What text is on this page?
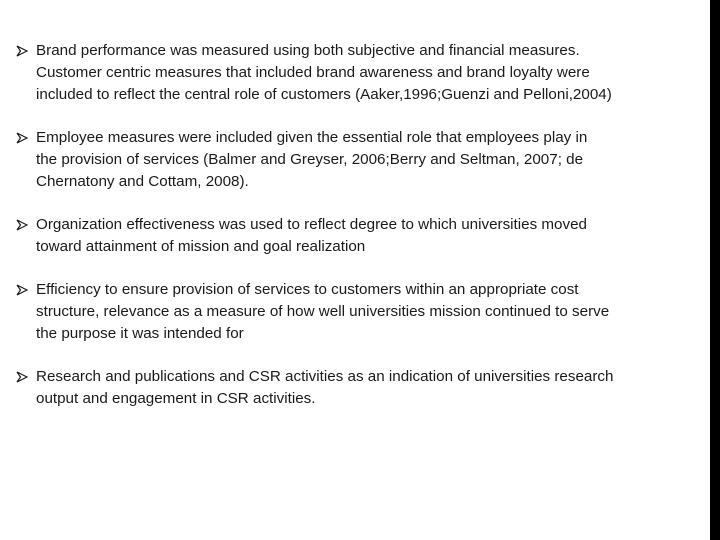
Brand performance was measured using both subjective and financial measures.
Customer centric measures that included brand awareness and brand loyalty were
included to reflect the central role of customers (Aaker,1996;Guenzi and Pelloni,2004)
Employee measures were included given the essential role that employees play in
the provision of services (Balmer and Greyser, 2006;Berry and Seltman, 2007; de
Chernatony and Cottam, 2008).
Organization effectiveness was used to reflect degree to which universities moved
toward attainment of mission and goal realization
Efficiency to ensure provision of services to customers within an appropriate cost
structure, relevance as a measure of how well universities mission continued to serve
the purpose it was intended for
Research and publications and CSR activities as an indication of universities research
output and engagement in CSR activities.
